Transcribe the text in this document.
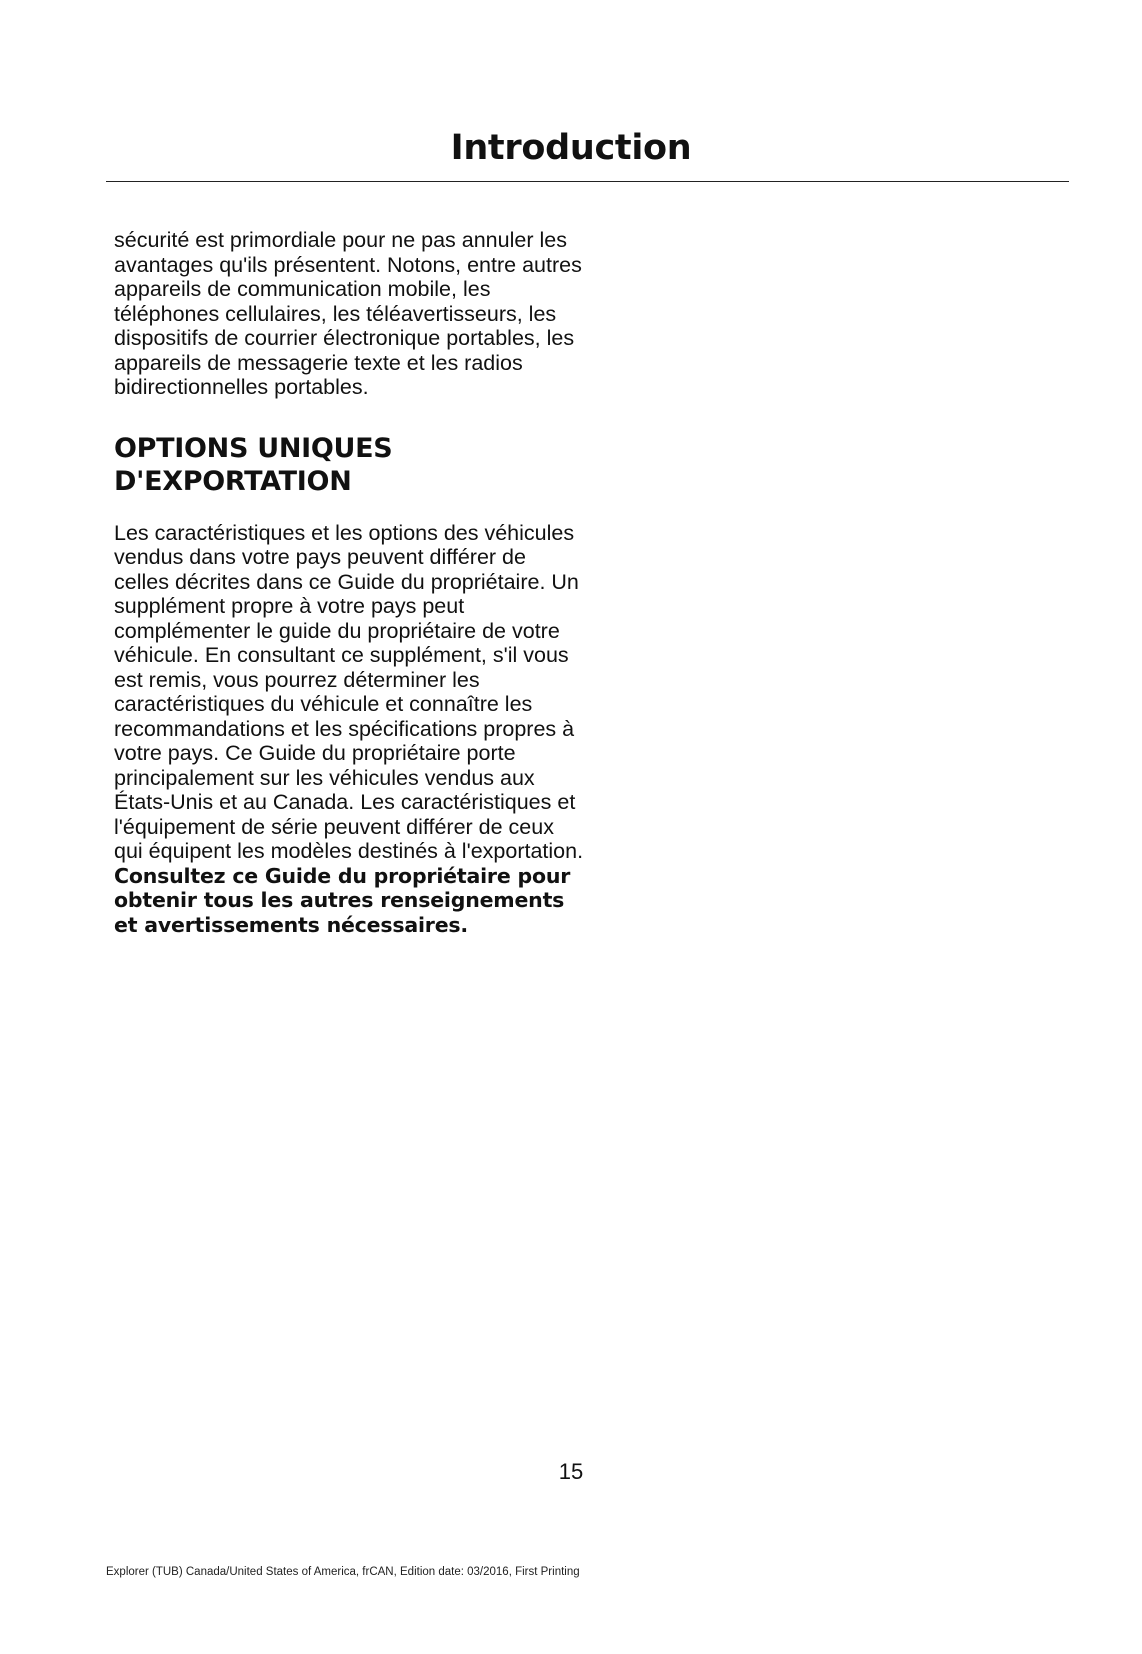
Introduction

sécurité est primordiale pour ne pas annuler les avantages qu'ils présentent. Notons, entre autres appareils de communication mobile, les téléphones cellulaires, les téléavertisseurs, les dispositifs de courrier électronique portables, les appareils de messagerie texte et les radios bidirectionnelles portables.

OPTIONS UNIQUES
D'EXPORTATION

Les caractéristiques et les options des véhicules vendus dans votre pays peuvent différer de celles décrites dans ce Guide du propriétaire. Un supplément propre à votre pays peut complémenter le guide du propriétaire de votre véhicule. En consultant ce supplément, s'il vous est remis, vous pourrez déterminer les caractéristiques du véhicule et connaître les recommandations et les spécifications propres à votre pays. Ce Guide du propriétaire porte principalement sur les véhicules vendus aux États-Unis et au Canada. Les caractéristiques et l'équipement de série peuvent différer de ceux qui équipent les modèles destinés à l'exportation. Consultez ce Guide du propriétaire pour obtenir tous les autres renseignements et avertissements nécessaires.

15
Explorer (TUB) Canada/United States of America, frCAN, Edition date: 03/2016, First Printing
